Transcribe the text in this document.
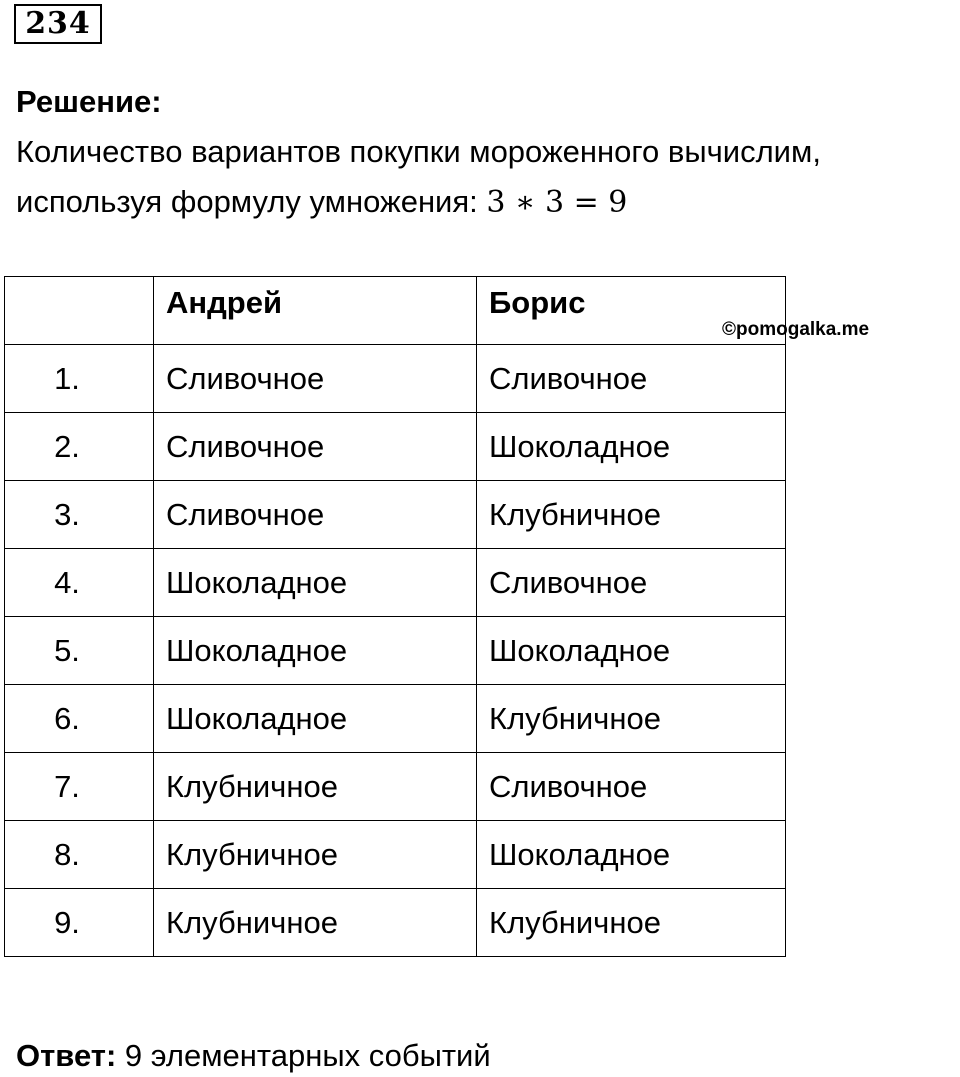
234
Решение:
Количество вариантов покупки мороженного вычислим,
используя формулу умножения: 3 ∗ 3 = 9
	Андрей	Борис
1.	Сливочное	Сливочное
2.	Сливочное	Шоколадное
3.	Сливочное	Клубничное
4.	Шоколадное	Сливочное
5.	Шоколадное	Шоколадное
6.	Шоколадное	Клубничное
7.	Клубничное	Сливочное
8.	Клубничное	Шоколадное
9.	Клубничное	Клубничное
©pomogalka.me
Ответ: 9 элементарных событий
